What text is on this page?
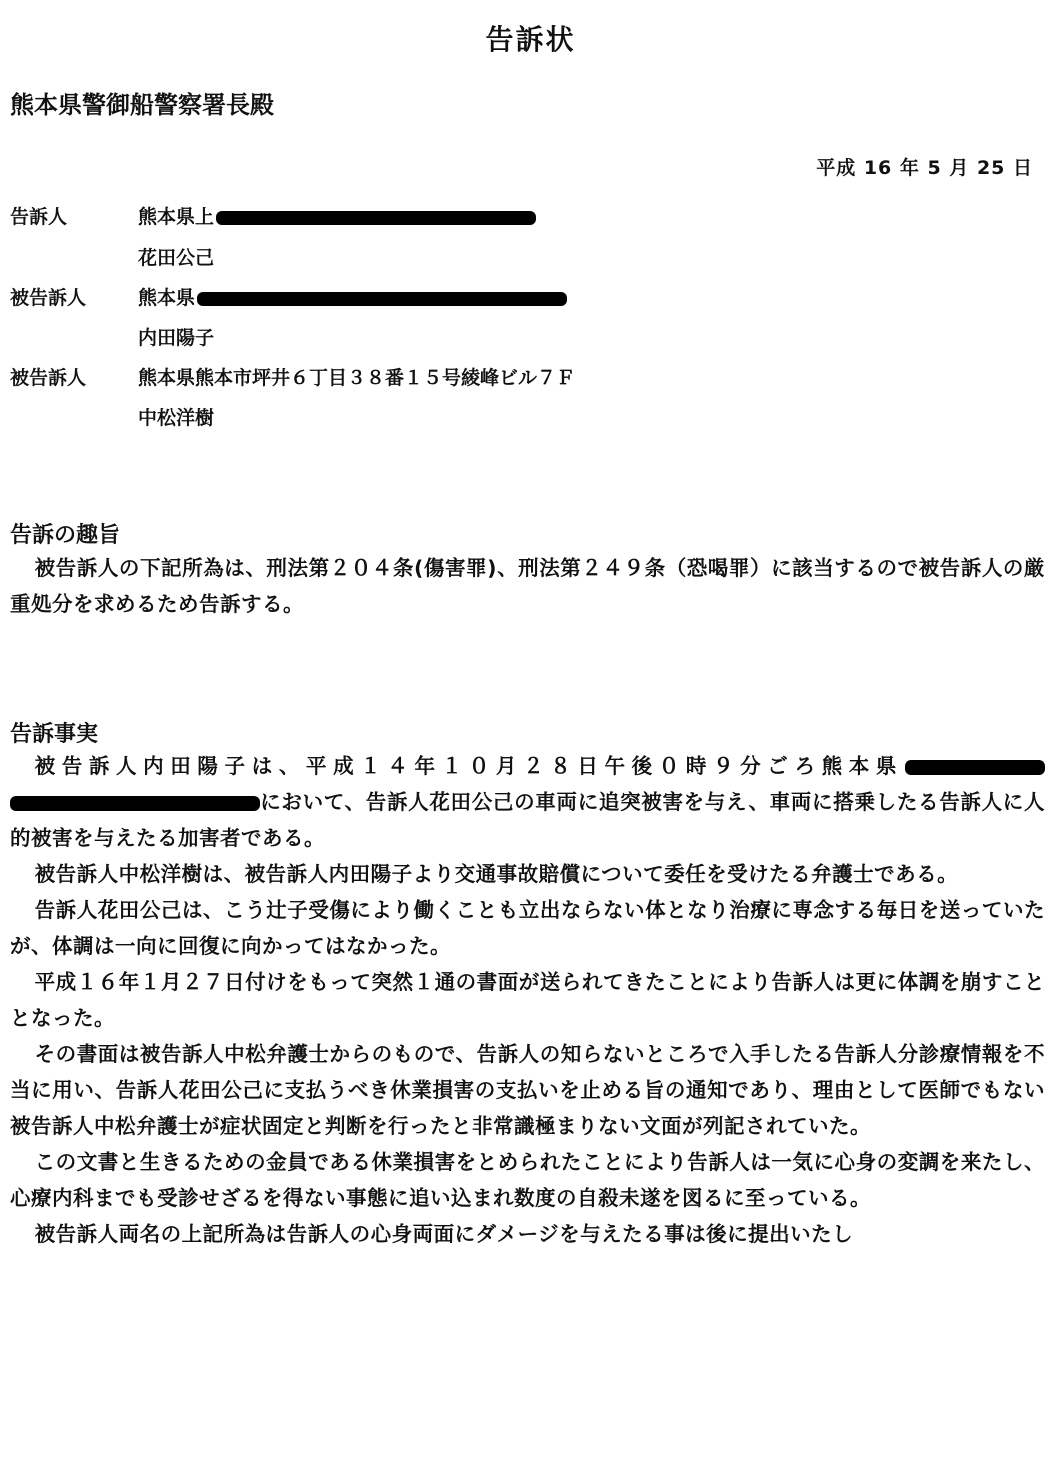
告訴状
熊本県警御船警察署長殿
平成 16 年 5 月 25 日
告訴人	熊本県上
花田公己
被告訴人	熊本県
内田陽子
被告訴人	熊本県熊本市坪井６丁目３８番１５号綾峰ビル７Ｆ
中松洋樹
告訴の趣旨

被告訴人の下記所為は、刑法第２０４条(傷害罪)、刑法第２４９条（恐喝罪）に該当するので被告訴人の厳重処分を求めるため告訴する。

告訴事実

被告訴人内田陽子は、平成１４年１０月２８日午後０時９分ごろ熊本県において、告訴人花田公己の車両に追突被害を与え、車両に搭乗したる告訴人に人的被害を与えたる加害者である。

被告訴人中松洋樹は、被告訴人内田陽子より交通事故賠償について委任を受けたる弁護士である。

告訴人花田公己は、こう辻子受傷により働くことも立出ならない体となり治療に専念する毎日を送っていたが、体調は一向に回復に向かってはなかった。

平成１６年１月２７日付けをもって突然１通の書面が送られてきたことにより告訴人は更に体調を崩すこととなった。

その書面は被告訴人中松弁護士からのもので、告訴人の知らないところで入手したる告訴人分診療情報を不当に用い、告訴人花田公己に支払うべき休業損害の支払いを止める旨の通知であり、理由として医師でもない被告訴人中松弁護士が症状固定と判断を行ったと非常識極まりない文面が列記されていた。

この文書と生きるための金員である休業損害をとめられたことにより告訴人は一気に心身の変調を来たし、心療内科までも受診せざるを得ない事態に追い込まれ数度の自殺未遂を図るに至っている。

被告訴人両名の上記所為は告訴人の心身両面にダメージを与えたる事は後に提出いたし
